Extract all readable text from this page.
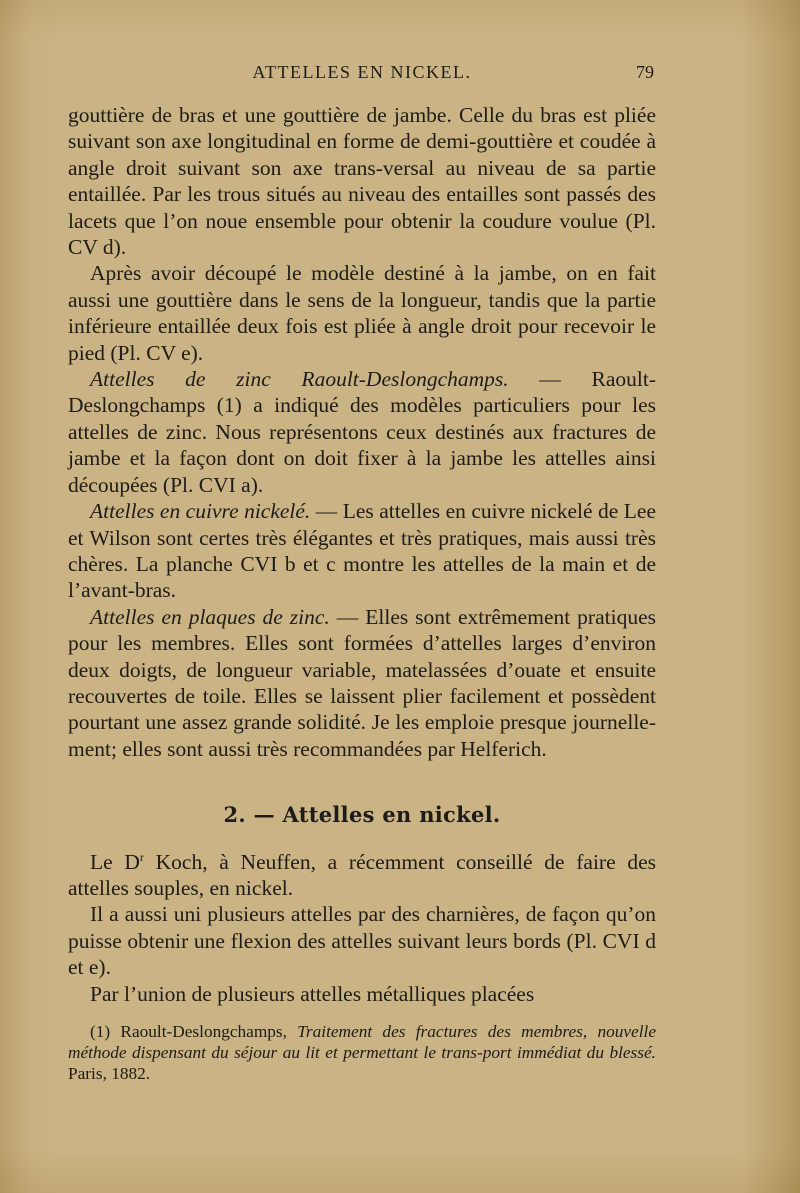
ATTELLES EN NICKEL.	79

gouttière de bras et une gouttière de jambe. Celle du bras est pliée suivant son axe longitudinal en forme de demi-gouttière et coudée à angle droit suivant son axe trans-versal au niveau de sa partie entaillée. Par les trous situés au niveau des entailles sont passés des lacets que l’on noue ensemble pour obtenir la coudure voulue (Pl. CV d).

Après avoir découpé le modèle destiné à la jambe, on en fait aussi une gouttière dans le sens de la longueur, tandis que la partie inférieure entaillée deux fois est pliée à angle droit pour recevoir le pied (Pl. CV e).

Attelles de zinc Raoult-Deslongchamps. — Raoult-Deslongchamps (1) a indiqué des modèles particuliers pour les attelles de zinc. Nous représentons ceux destinés aux fractures de jambe et la façon dont on doit fixer à la jambe les attelles ainsi découpées (Pl. CVI a).

Attelles en cuivre nickelé. — Les attelles en cuivre nickelé de Lee et Wilson sont certes très élégantes et très pratiques, mais aussi très chères. La planche CVI b et c montre les attelles de la main et de l’avant-bras.

Attelles en plaques de zinc. — Elles sont extrêmement pratiques pour les membres. Elles sont formées d’attelles larges d’environ deux doigts, de longueur variable, matelassées d’ouate et ensuite recouvertes de toile. Elles se laissent plier facilement et possèdent pourtant une assez grande solidité. Je les emploie presque journelle-ment; elles sont aussi très recommandées par Helferich.

2. — Attelles en nickel.

Le $D^r$ Koch, à Neuffen, a récemment conseillé de faire des attelles souples, en nickel.

Il a aussi uni plusieurs attelles par des charnières, de façon qu’on puisse obtenir une flexion des attelles suivant leurs bords (Pl. CVI d et e).

Par l’union de plusieurs attelles métalliques placées

(1) Raoult-Deslongchamps, Traitement des fractures des membres, nouvelle méthode dispensant du séjour au lit et permettant le trans-port immédiat du blessé. Paris, 1882.
